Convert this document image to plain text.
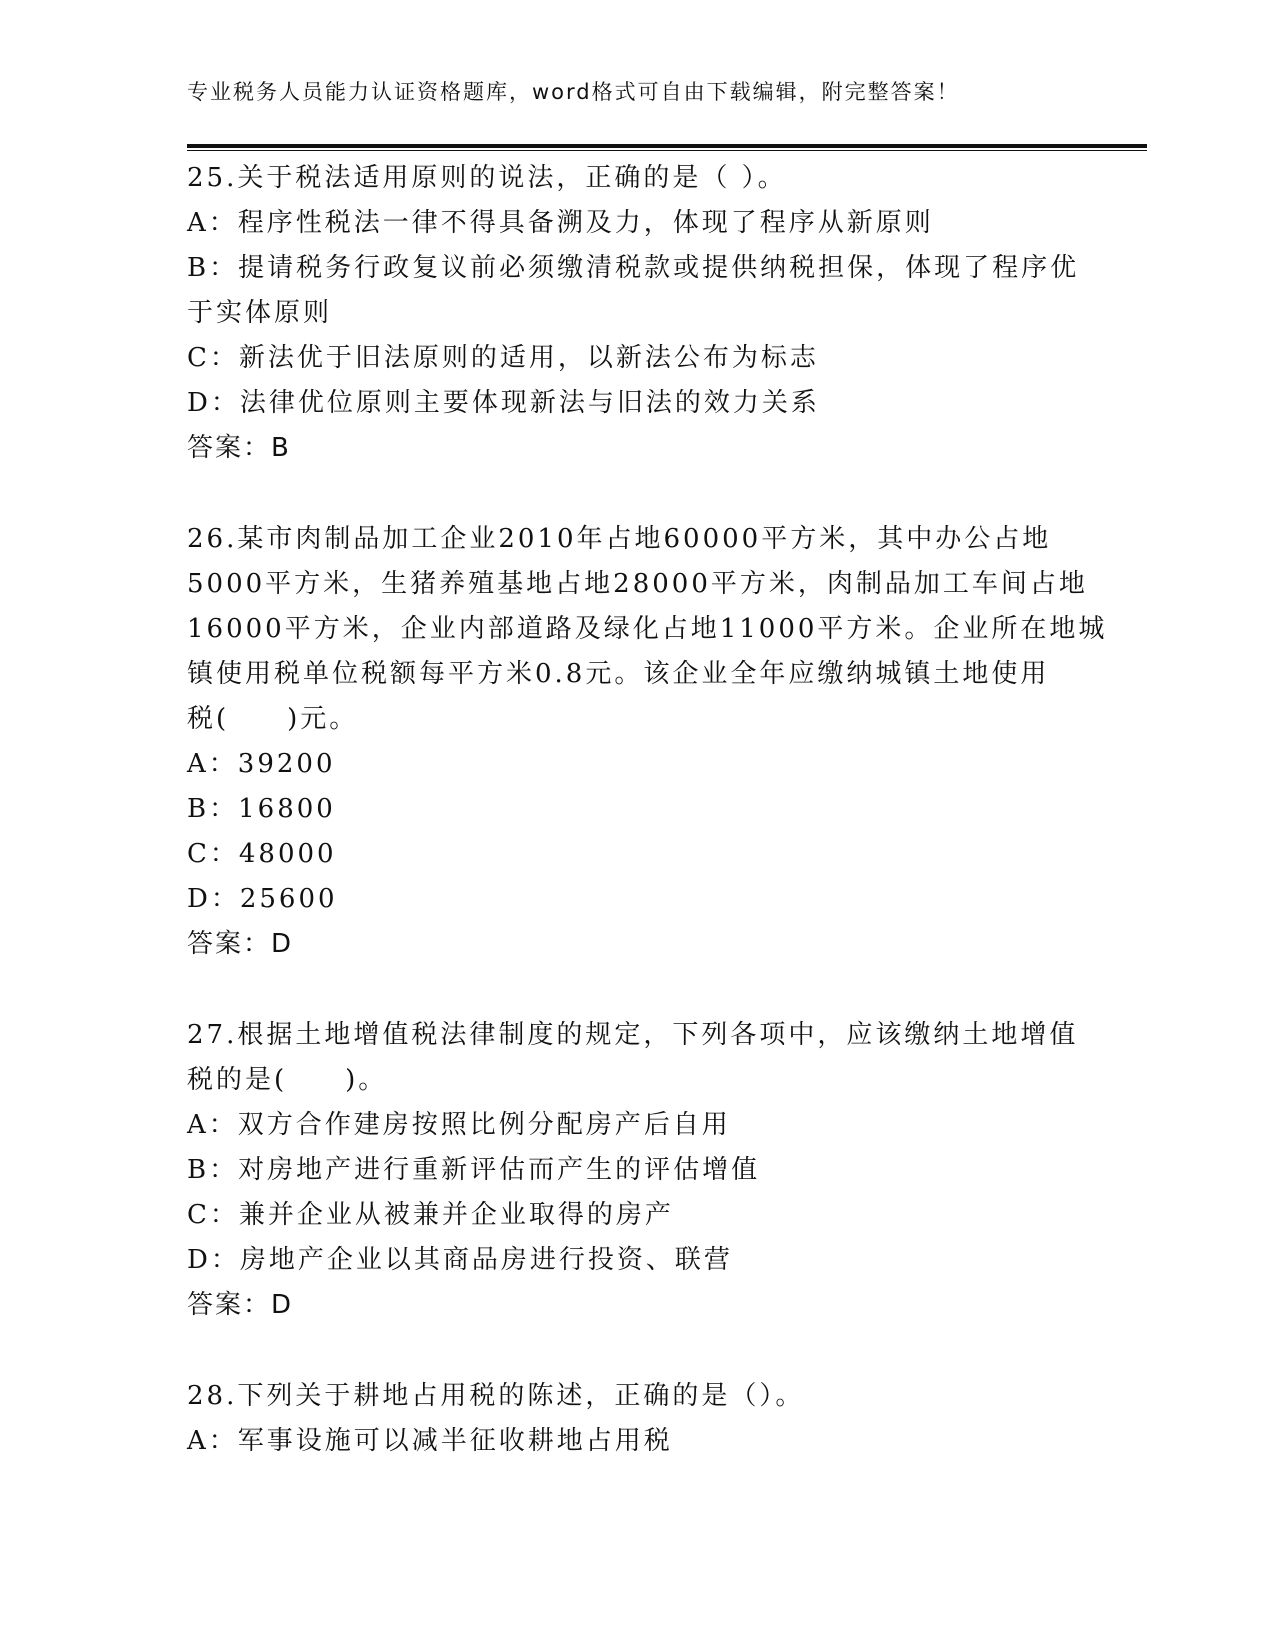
专业税务人员能力认证资格题库，word格式可自由下载编辑，附完整答案！
25.关于税法适用原则的说法，正确的是（ ）。
A：程序性税法一律不得具备溯及力，体现了程序从新原则
B：提请税务行政复议前必须缴清税款或提供纳税担保，体现了程序优
于实体原则
C：新法优于旧法原则的适用，以新法公布为标志
D：法律优位原则主要体现新法与旧法的效力关系
答案：B
26.某市肉制品加工企业2010年占地60000平方米，其中办公占地
5000平方米，生猪养殖基地占地28000平方米，肉制品加工车间占地
16000平方米，企业内部道路及绿化占地11000平方米。企业所在地城
镇使用税单位税额每平方米0.8元。该企业全年应缴纳城镇土地使用
税(　　)元。
A：39200
B：16800
C：48000
D：25600
答案：D
27.根据土地增值税法律制度的规定，下列各项中，应该缴纳土地增值
税的是(　　)。
A：双方合作建房按照比例分配房产后自用
B：对房地产进行重新评估而产生的评估增值
C：兼并企业从被兼并企业取得的房产
D：房地产企业以其商品房进行投资、联营
答案：D
28.下列关于耕地占用税的陈述，正确的是（）。
A：军事设施可以减半征收耕地占用税
